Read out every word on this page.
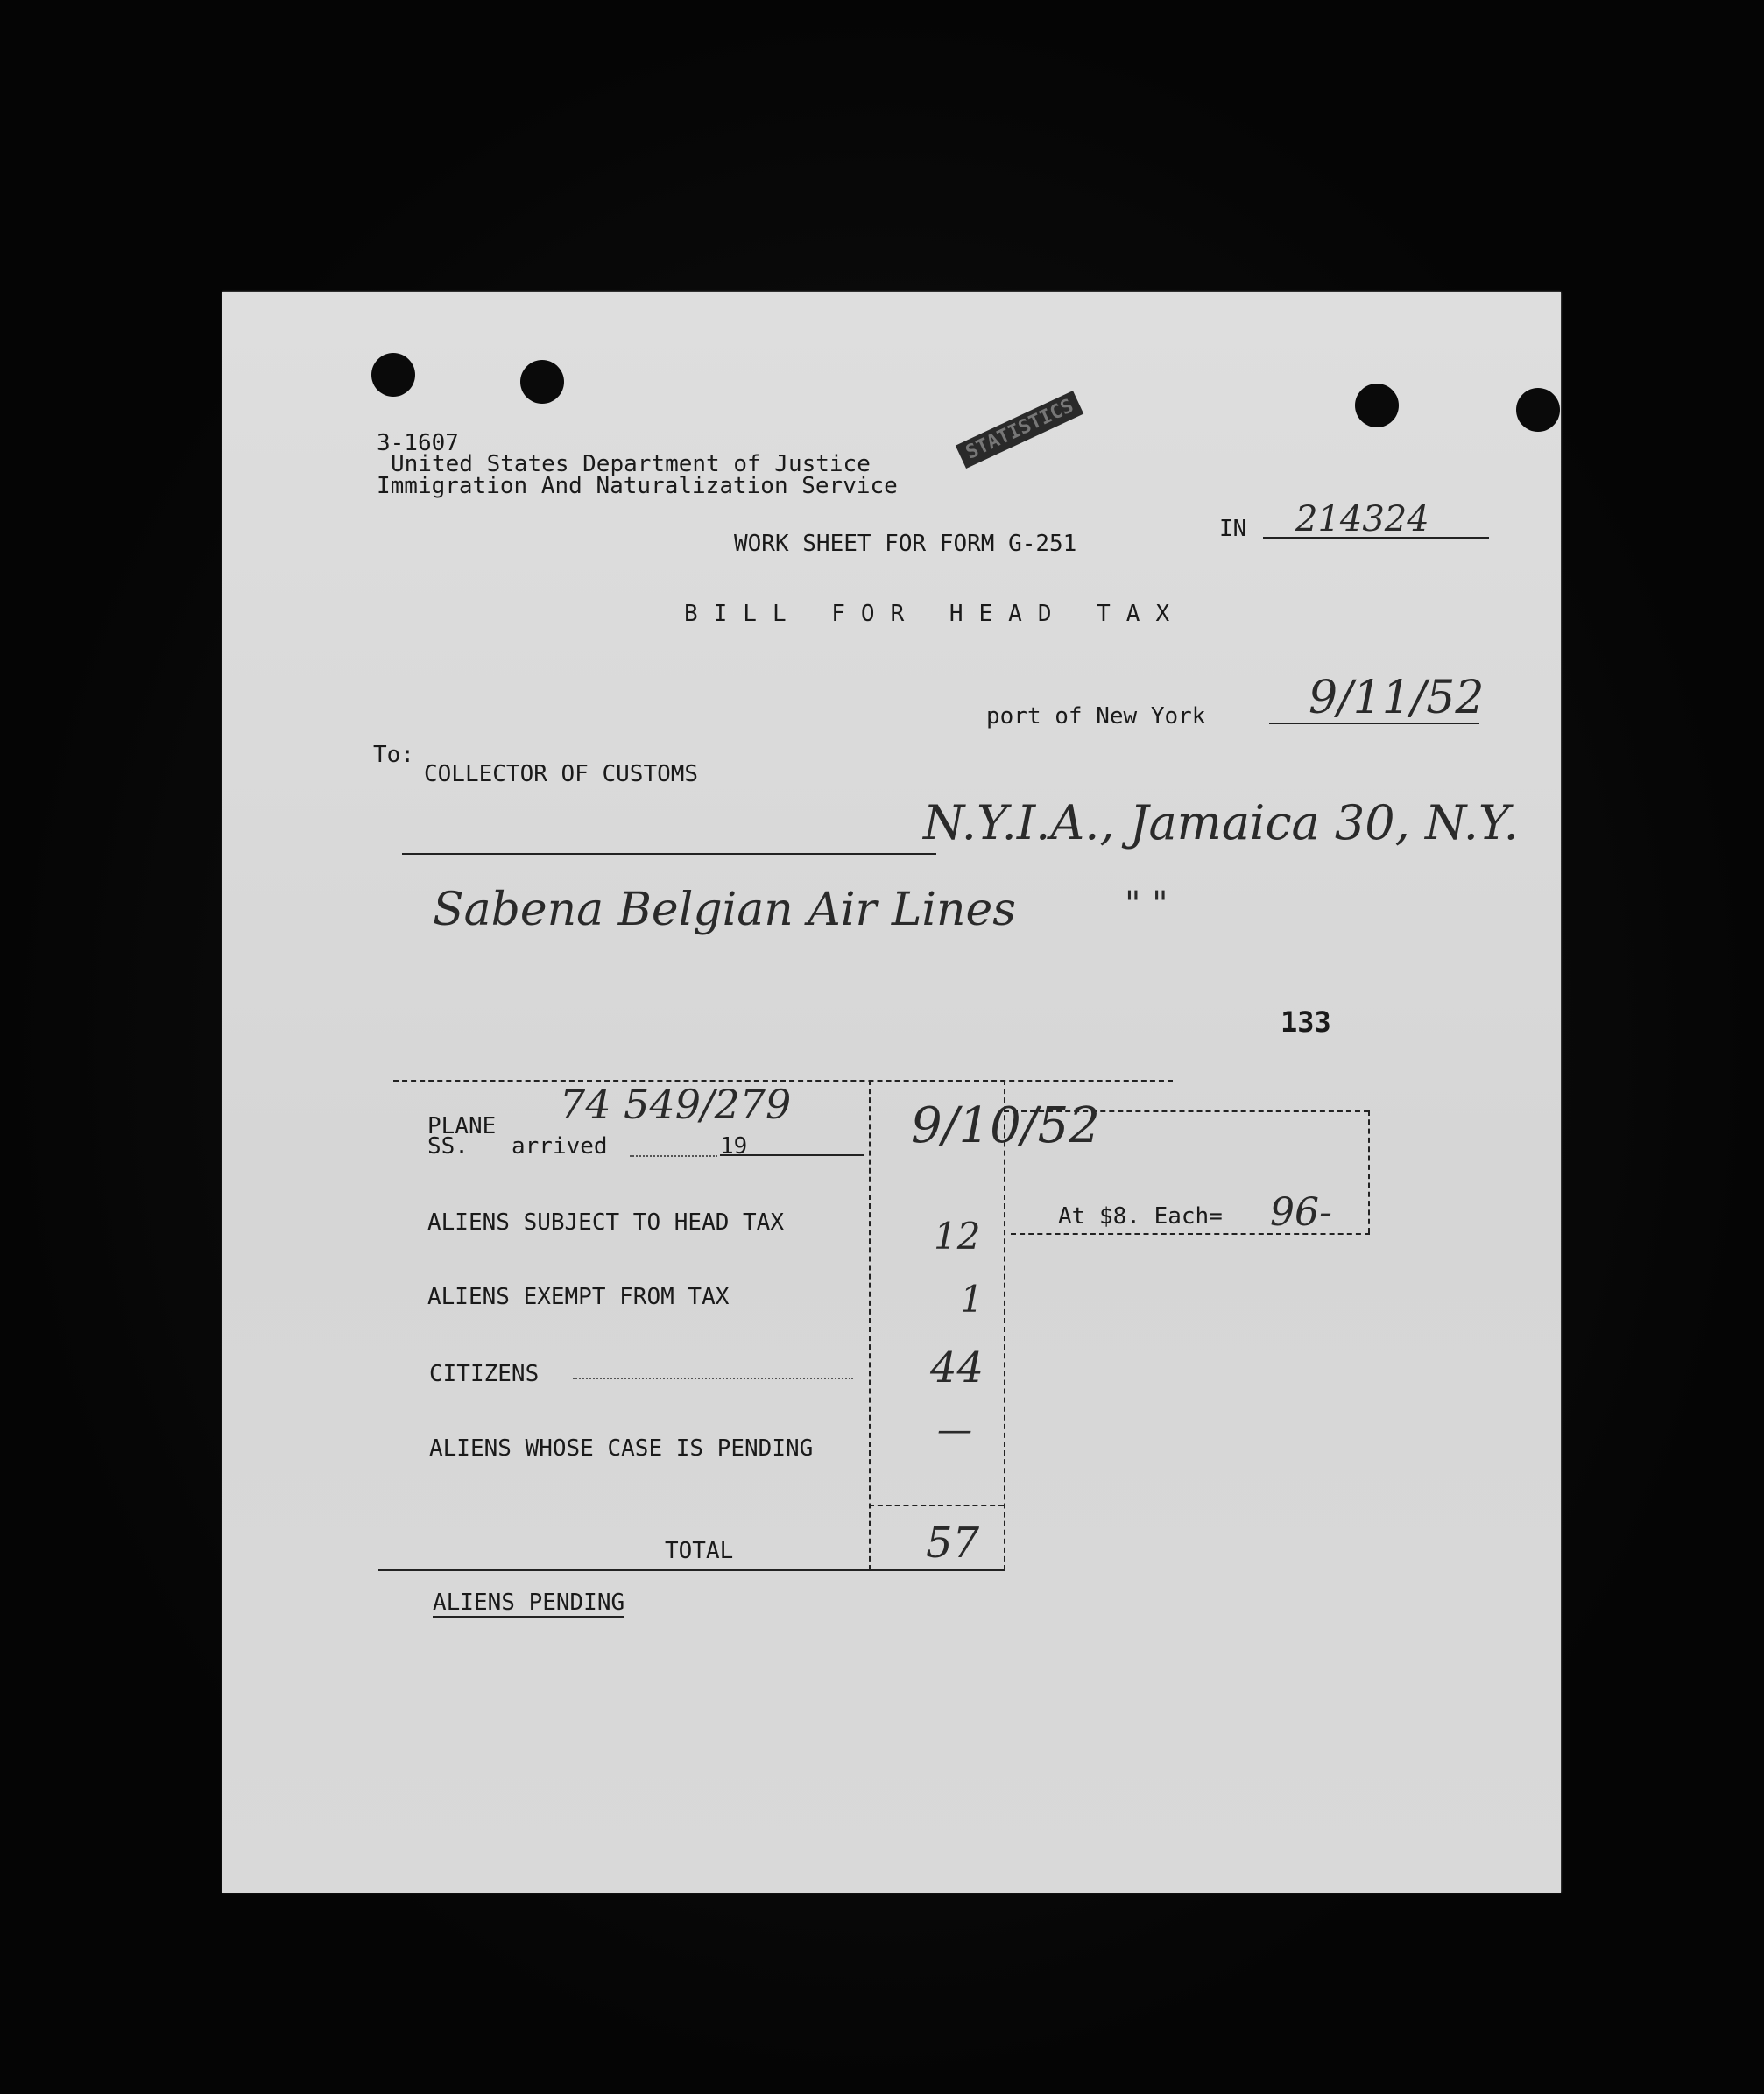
3-1607
United States Department of Justice
Immigration And Naturalization Service
STATISTICS
IN 214324
WORK SHEET FOR FORM G-251
BILL FOR HEAD TAX
port of New York 9/11/52
To:
COLLECTOR OF CUSTOMS
N.Y.I.A., Jamaica 30, N.Y.
Sabena Belgian Air Lines	" "
133
PLANE 74 549/279
SS. arrived	19	9/10/52
ALIENS SUBJECT TO HEAD TAX	12	At $8. Each= 96-
ALIENS EXEMPT FROM TAX	1
CITIZENS	44
ALIENS WHOSE CASE IS PENDING	—
TOTAL	57
ALIENS PENDING
